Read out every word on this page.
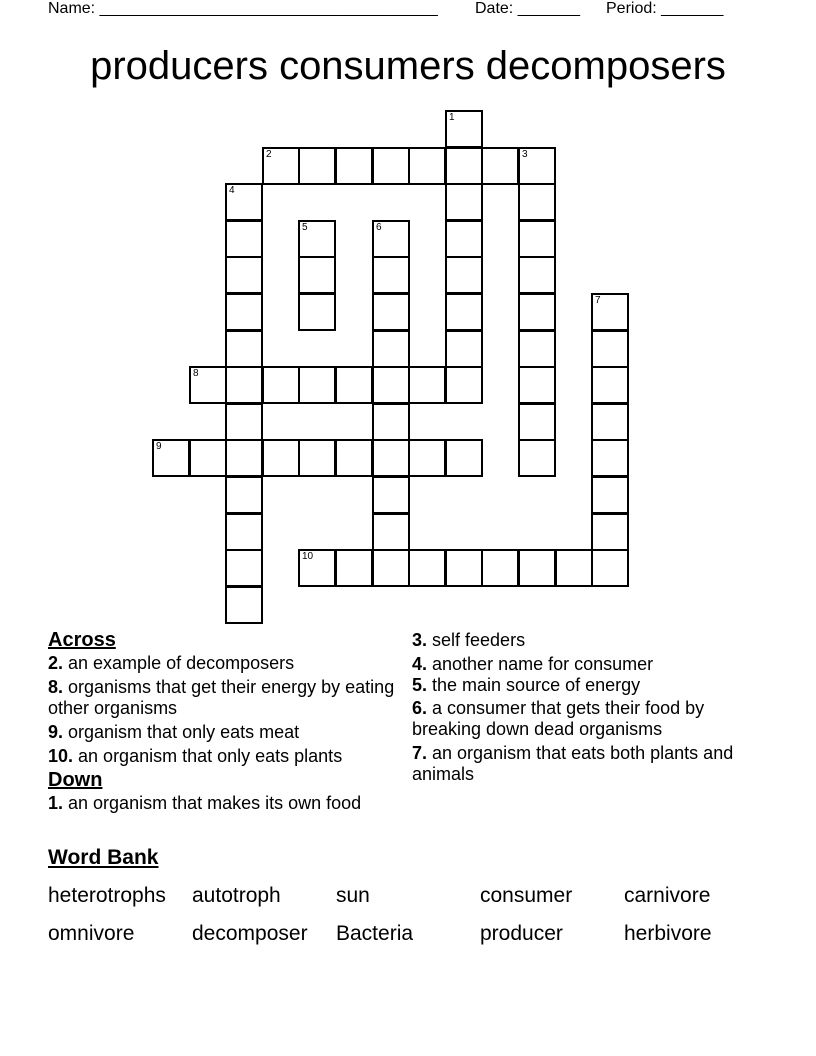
Name: ______________________________________ Date: _______ Period: _______
producers consumers decomposers
1
2	3
4
5	6
7
8
9
10
Across
2. an example of decomposers
8. organisms that get their energy by eating other organisms
9. organism that only eats meat
10. an organism that only eats plants
Down
1. an organism that makes its own food
3. self feeders
4. another name for consumer
5. the main source of energy
6. a consumer that gets their food by breaking down dead organisms
7. an organism that eats both plants and animals
Word Bank
heterotrophs autotroph	sun	consumer carnivore
omnivore	decomposer Bacteria	producer	herbivore
